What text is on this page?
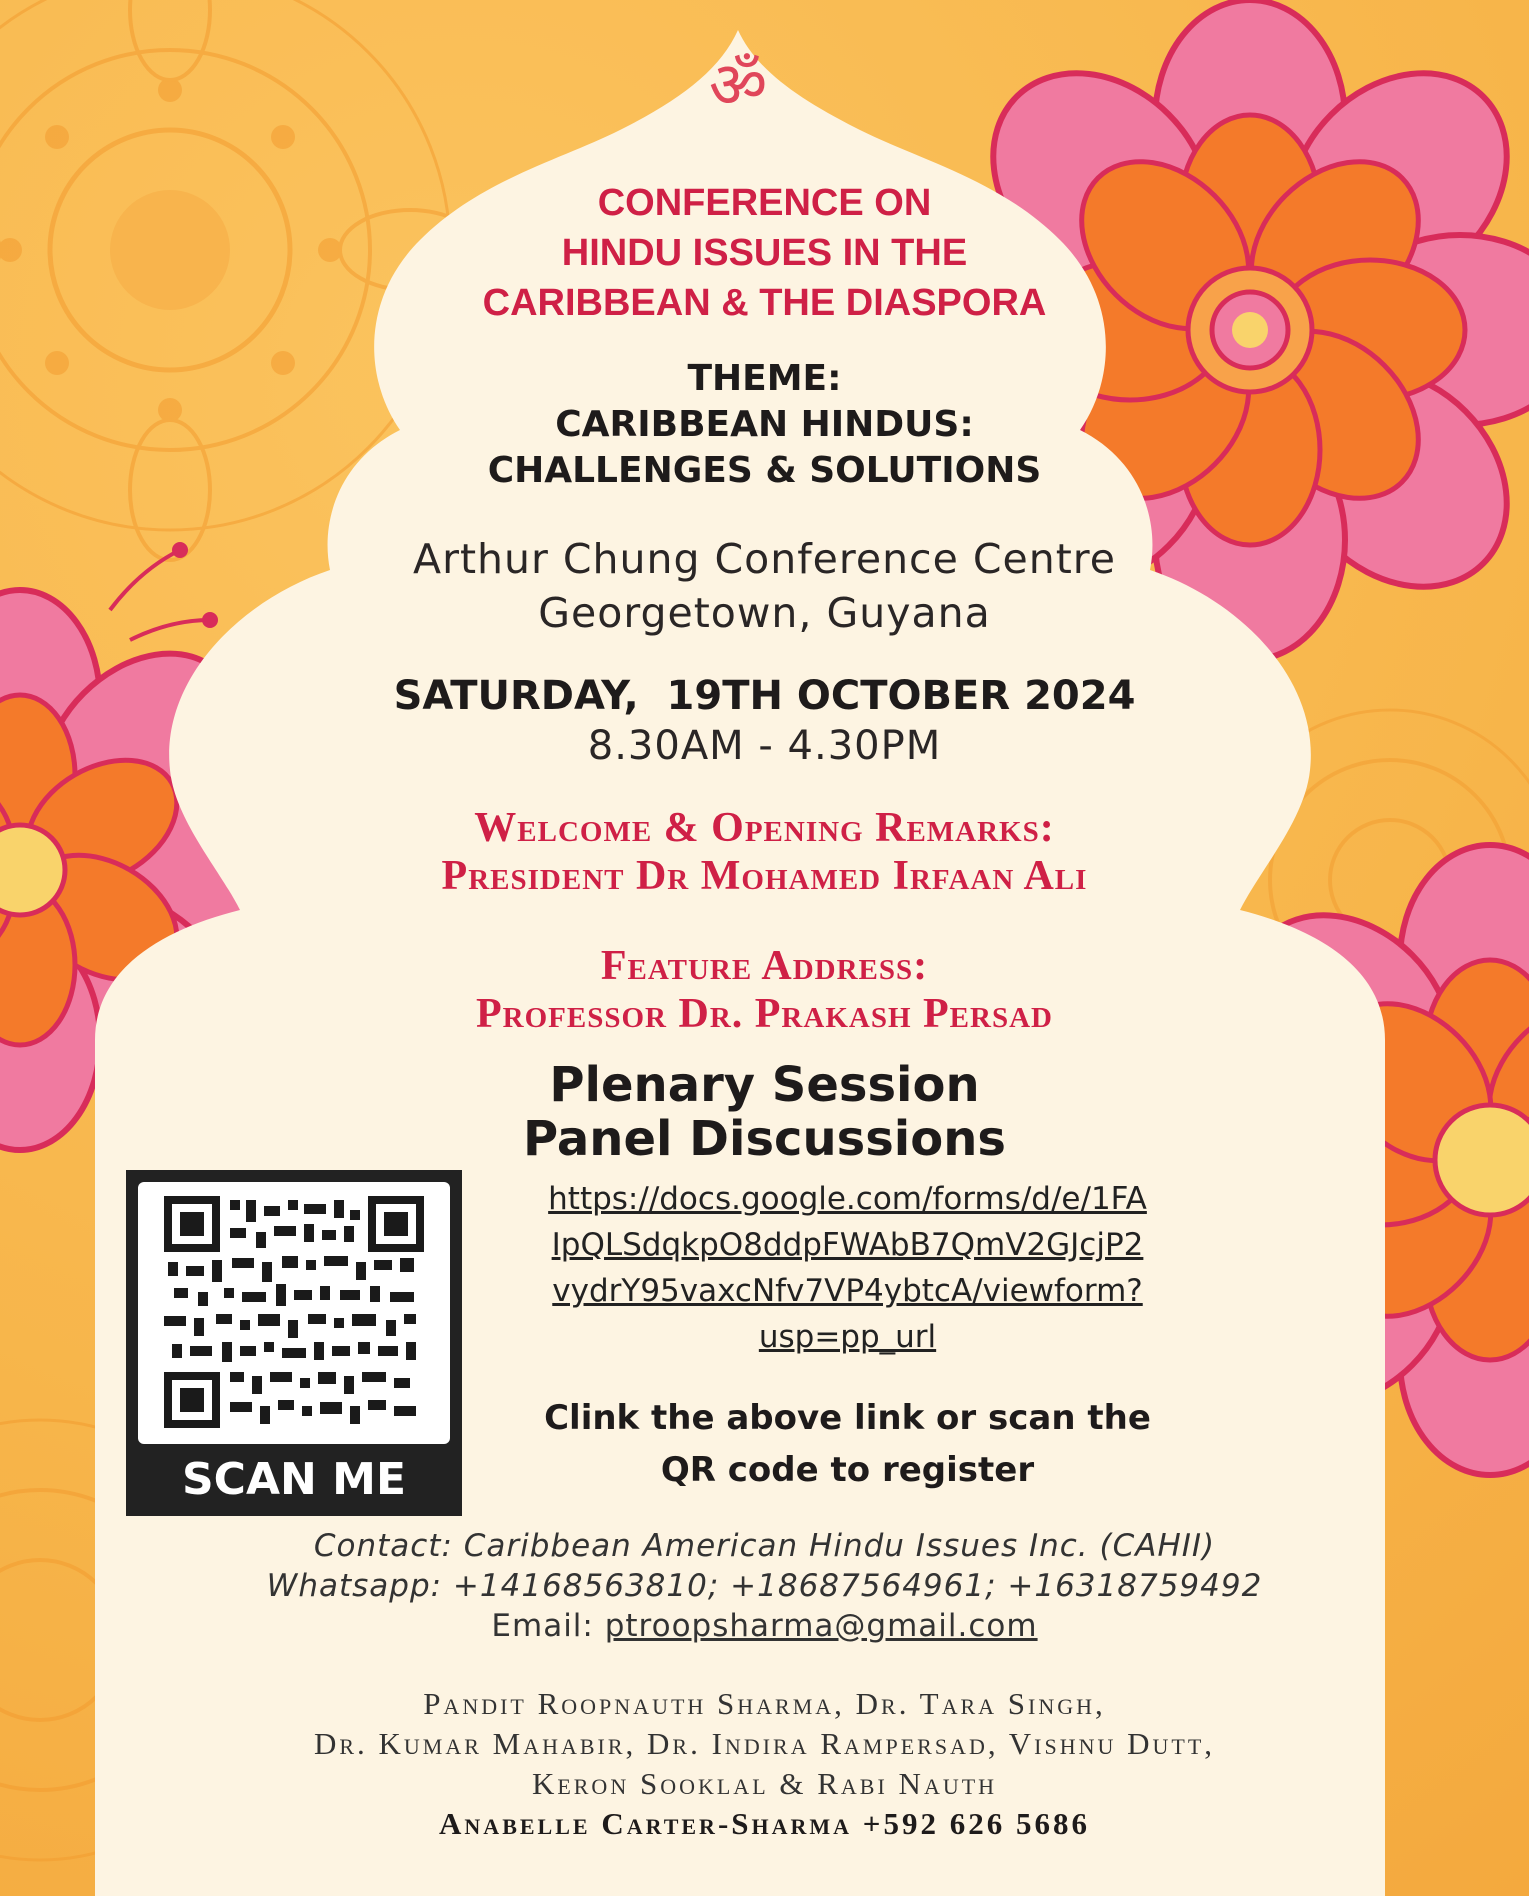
ॐ
CONFERENCE ON
HINDU ISSUES IN THE
CARIBBEAN & THE DIASPORA
THEME:
CARIBBEAN HINDUS:
CHALLENGES & SOLUTIONS
Arthur Chung Conference Centre
Georgetown, Guyana
SATURDAY,  19TH OCTOBER 2024
8.30AM - 4.30PM
Welcome & Opening Remarks:
President Dr Mohamed Irfaan Ali
Feature Address:
Professor Dr. Prakash Persad
Plenary Session
Panel Discussions
SCAN ME
https://docs.google.com/forms/d/e/1FA
IpQLSdqkpO8ddpFWAbB7QmV2GJcjP2
vydrY95vaxcNfv7VP4ybtcA/viewform?
usp=pp_url
Clink the above link or scan the
QR code to register
Contact: Caribbean American Hindu Issues Inc. (CAHII)
Whatsapp: +14168563810; +18687564961; +16318759492
Email: ptroopsharma@gmail.com
Pandit Roopnauth Sharma, Dr. Tara Singh,
Dr. Kumar Mahabir, Dr. Indira Rampersad, Vishnu Dutt,
Keron Sooklal & Rabi Nauth
Anabelle Carter-Sharma +592 626 5686
